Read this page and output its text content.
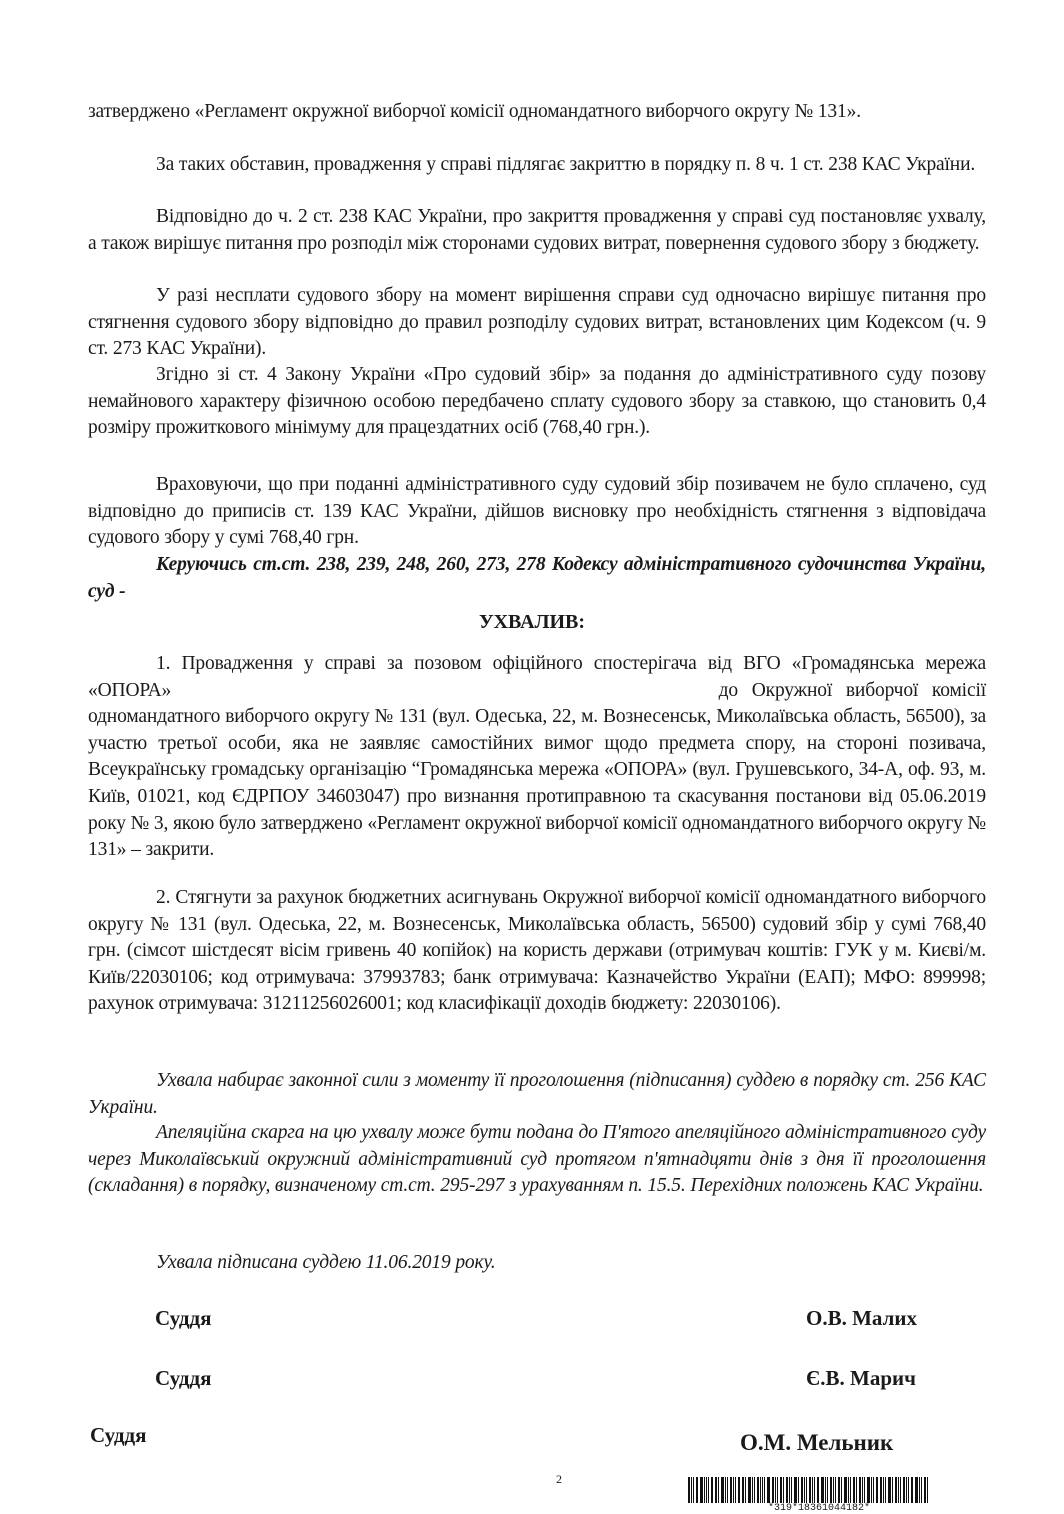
затверджено «Регламент окружної виборчої комісії одномандатного виборчого округу № 131».

За таких обставин, провадження у справі підлягає закриттю в порядку п. 8 ч. 1 ст. 238 КАС України.

Відповідно до ч. 2 ст. 238 КАС України, про закриття провадження у справі суд постановляє ухвалу, а також вирішує питання про розподіл між сторонами судових витрат, повернення судового збору з бюджету.

У разі несплати судового збору на момент вирішення справи суд одночасно вирішує питання про стягнення судового збору відповідно до правил розподілу судових витрат, встановлених цим Кодексом (ч. 9 ст. 273 КАС України).

Згідно зі ст. 4 Закону України «Про судовий збір» за подання до адміністративного суду позову немайнового характеру фізичною особою передбачено сплату судового збору за ставкою, що становить 0,4 розміру прожиткового мінімуму для працездатних осіб (768,40 грн.).

Враховуючи, що при поданні адміністративного суду судовий збір позивачем не було сплачено, суд відповідно до приписів ст. 139 КАС України, дійшов висновку про необхідність стягнення з відповідача судового збору у сумі 768,40 грн.

Керуючись ст.ст. 238, 239, 248, 260, 273, 278 Кодексу адміністративного судочинства України, суд -

УХВАЛИВ:

1. Провадження у справі за позовом офіційного спостерігача від ВГО «Громадянська мережа «ОПОРА»	до Окружної виборчої комісії одномандатного виборчого округу № 131 (вул. Одеська, 22, м. Вознесенськ, Миколаївська область, 56500), за участю третьої особи, яка не заявляє самостійних вимог щодо предмета спору, на стороні позивача, Всеукраїнську громадську організацію “Громадянська мережа «ОПОРА» (вул. Грушевського, 34-А, оф. 93, м. Київ, 01021, код ЄДРПОУ 34603047) про визнання протиправною та скасування постанови від 05.06.2019 року № 3, якою було затверджено «Регламент окружної виборчої комісії одномандатного виборчого округу № 131» – закрити.

2. Стягнути за рахунок бюджетних асигнувань Окружної виборчої комісії одномандатного виборчого округу № 131 (вул. Одеська, 22, м. Вознесенськ, Миколаївська область, 56500) судовий збір у сумі 768,40 грн. (сімсот шістдесят вісім гривень 40 копійок) на користь держави (отримувач коштів: ГУК у м. Києві/м. Київ/22030106; код отримувача: 37993783; банк отримувача: Казначейство України (ЕАП); МФО: 899998; рахунок отримувача: 31211256026001; код класифікації доходів бюджету: 22030106).

Ухвала набирає законної сили з моменту її проголошення (підписання) суддею в порядку ст. 256 КАС України.

Апеляційна скарга на цю ухвалу може бути подана до П'ятого апеляційного адміністративного суду через Миколаївський окружний адміністративний суд протягом п'ятнадцяти днів з дня її проголошення (складання) в порядку, визначеному ст.ст. 295-297 з урахуванням п. 15.5. Перехідних положень КАС України.

Ухвала підписана суддею 11.06.2019 року.

Суддя	О.В. Малих
Суддя	Є.В. Марич
Суддя	О.М. Мельник
2
*319*18361044182*
